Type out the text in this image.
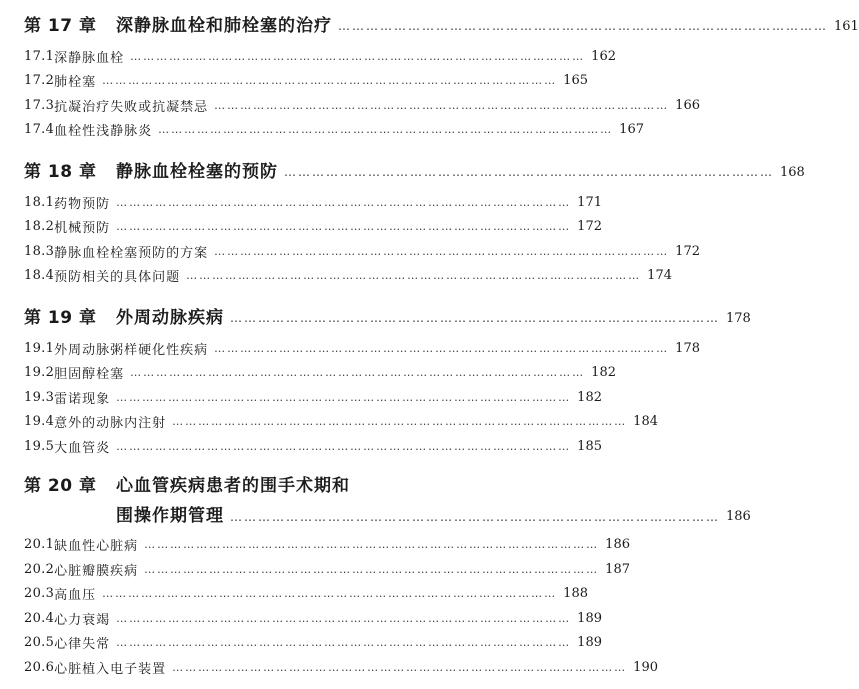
第 17 章	深静脉血栓和肺栓塞的治疗 …………………………………………………………………………………………… 161
17.1 深静脉血栓 …………………………………………………………………………………………… 162
17.2 肺栓塞 …………………………………………………………………………………………… 165
17.3 抗凝治疗失败或抗凝禁忌 …………………………………………………………………………………………… 166
17.4 血栓性浅静脉炎 …………………………………………………………………………………………… 167
第 18 章	静脉血栓栓塞的预防 …………………………………………………………………………………………… 168
18.1 药物预防 …………………………………………………………………………………………… 171
18.2 机械预防 …………………………………………………………………………………………… 172
18.3 静脉血栓栓塞预防的方案 …………………………………………………………………………………………… 172
18.4 预防相关的具体问题 …………………………………………………………………………………………… 174
第 19 章	外周动脉疾病 …………………………………………………………………………………………… 178
19.1 外周动脉粥样硬化性疾病 …………………………………………………………………………………………… 178
19.2 胆固醇栓塞 …………………………………………………………………………………………… 182
19.3 雷诺现象 …………………………………………………………………………………………… 182
19.4 意外的动脉内注射 …………………………………………………………………………………………… 184
19.5 大血管炎 …………………………………………………………………………………………… 185
第 20 章	心血管疾病患者的围手术期和
围操作期管理 …………………………………………………………………………………………… 186
20.1 缺血性心脏病 …………………………………………………………………………………………… 186
20.2 心脏瓣膜疾病 …………………………………………………………………………………………… 187
20.3 高血压 …………………………………………………………………………………………… 188
20.4 心力衰竭 …………………………………………………………………………………………… 189
20.5 心律失常 …………………………………………………………………………………………… 189
20.6 心脏植入电子装置 …………………………………………………………………………………………… 190
